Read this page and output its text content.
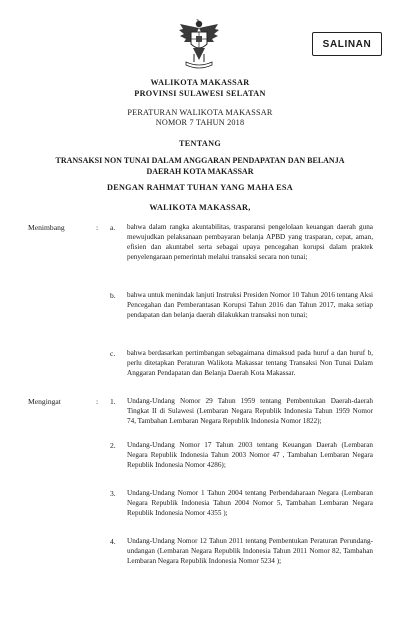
SALINAN
WALIKOTA MAKASSAR
PROVINSI SULAWESI SELATAN
PERATURAN WALIKOTA MAKASSAR
NOMOR 7 TAHUN 2018
TENTANG
TRANSAKSI NON TUNAI DALAM ANGGARAN PENDAPATAN DAN BELANJA DAERAH KOTA MAKASSAR
DENGAN RAHMAT TUHAN YANG MAHA ESA
WALIKOTA MAKASSAR,
Menimbang	: a. bahwa dalam rangka akuntabilitas, trasparansi pengelolaan keuangan daerah guna mewujudkan pelaksanaan pembayaran belanja APBD yang trasparan, cepat, aman, efisien dan akuntabel serta sebagai upaya pencegahan korupsi dalam praktek penyelengaraan pemerintah melalui transaksi secara non tunai;
b. bahwa untuk menindak lanjuti Instruksi Presiden Nomor 10 Tahun 2016 tentang Aksi Pencegahan dan Pemberantasan Korupsi Tahun 2016 dan Tahun 2017, maka setiap pendapatan dan belanja daerah dilakukkan transaksi non tunai;
c. bahwa berdasarkan pertimbangan sebagaimana dimaksud pada huruf a dan huruf b, perlu ditetapkan Peraturan Walikota Makassar tentang Transaksi Non Tunai Dalam Anggaran Pendapatan dan Belanja Daerah Kota Makassar.
Mengingat	: 1. Undang-Undang Nomor 29 Tahun 1959 tentang Pembentukan Daerah-daerah Tingkat II di Sulawesi (Lembaran Negara Republik Indonesia Tahun 1959 Nomor 74, Tambahan Lembaran Negara Republik Indonesia Nomor 1822);
2. Undang-Undang Nomor 17 Tahun 2003 tentang Keuangan Daerah (Lembaran Negara Republik Indonesia Tahun 2003 Nomor 47 , Tambahan Lembaran Negara Republik Indonesia Nomor 4286);
3. Undang-Undang Nomor 1 Tahun 2004 tentang Perbendaharaan Negara (Lembaran Negara Republik Indonesia Tahun 2004 Nomor 5, Tambahan Lembaran Negara Republik Indonesia Nomor 4355 );
4. Undang-Undang Nomor 12 Tahun 2011 tentang Pembentukan Peraturan Perundang-undangan (Lembaran Negara Republik Indonesia Tahun 2011 Nomor 82, Tambahan Lembaran Negara Republik Indonesia Nomor 5234 );
